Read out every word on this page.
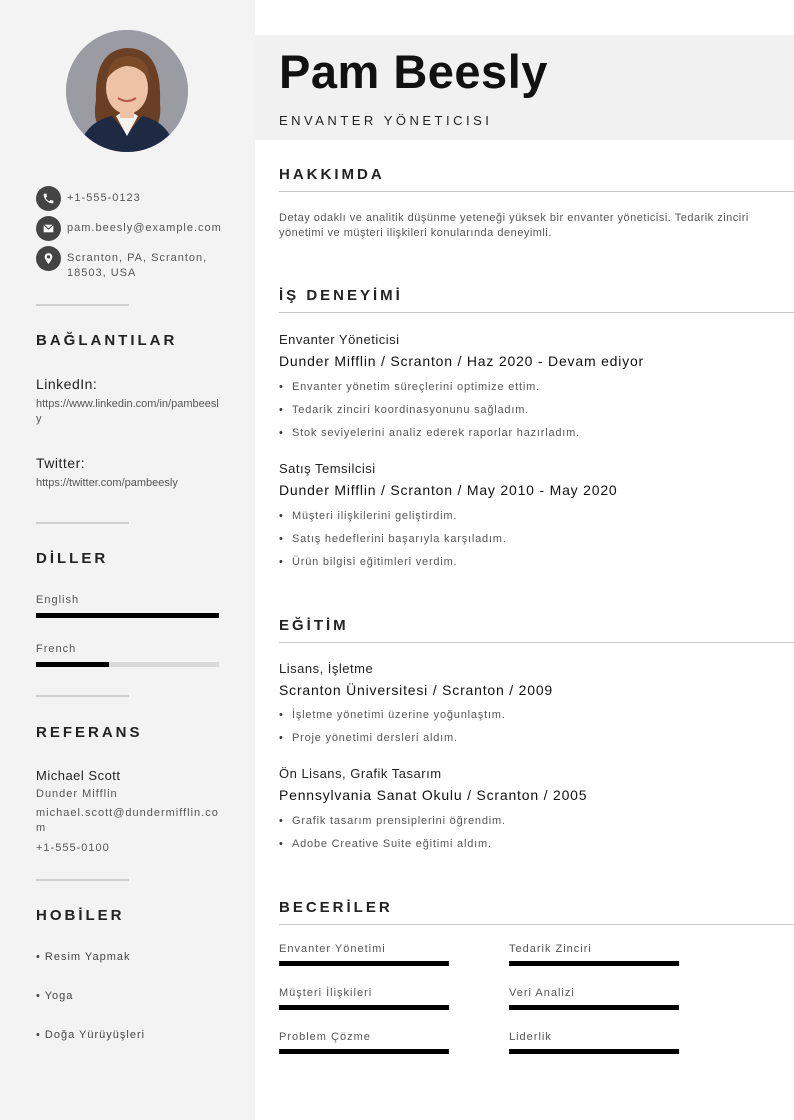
+1-555-0123
pam.beesly@example.com
Scranton, PA, Scranton, 18503, USA
BAĞLANTILAR
LinkedIn:
https://www.linkedin.com/in/pambeesly
Twitter:
https://twitter.com/pambeesly
DİLLER
English
French
REFERANS
Michael Scott
Dunder Mifflin
michael.scott@dundermifflin.com
+1-555-0100
HOBİLER
• Resim Yapmak
• Yoga
• Doğa Yürüyüşleri
Pam Beesly
ENVANTER YÖNETICISI
HAKKIMDA
Detay odaklı ve analitik düşünme yeteneği yüksek bir envanter yöneticisi. Tedarik zinciri yönetimi ve müşteri ilişkileri konularında deneyimli.
İŞ DENEYİMİ
Envanter Yöneticisi
Dunder Mifflin / Scranton / Haz 2020 - Devam ediyor
• Envanter yönetim süreçlerini optimize ettim.
• Tedarik zinciri koordinasyonunu sağladım.
• Stok seviyelerini analiz ederek raporlar hazırladım.
Satış Temsilcisi
Dunder Mifflin / Scranton / May 2010 - May 2020
• Müşteri ilişkilerini geliştirdim.
• Satış hedeflerini başarıyla karşıladım.
• Ürün bilgisi eğitimleri verdim.
EĞİTİM
Lisans, İşletme
Scranton Üniversitesi / Scranton / 2009
• İşletme yönetimi üzerine yoğunlaştım.
• Proje yönetimi dersleri aldım.
Ön Lisans, Grafik Tasarım
Pennsylvania Sanat Okulu / Scranton / 2005
• Grafik tasarım prensiplerini öğrendim.
• Adobe Creative Suite eğitimi aldım.
BECERİLER
Envanter Yönetimi	Tedarik Zinciri
Müşteri İlişkileri	Veri Analizi
Problem Çözme	Liderlik
